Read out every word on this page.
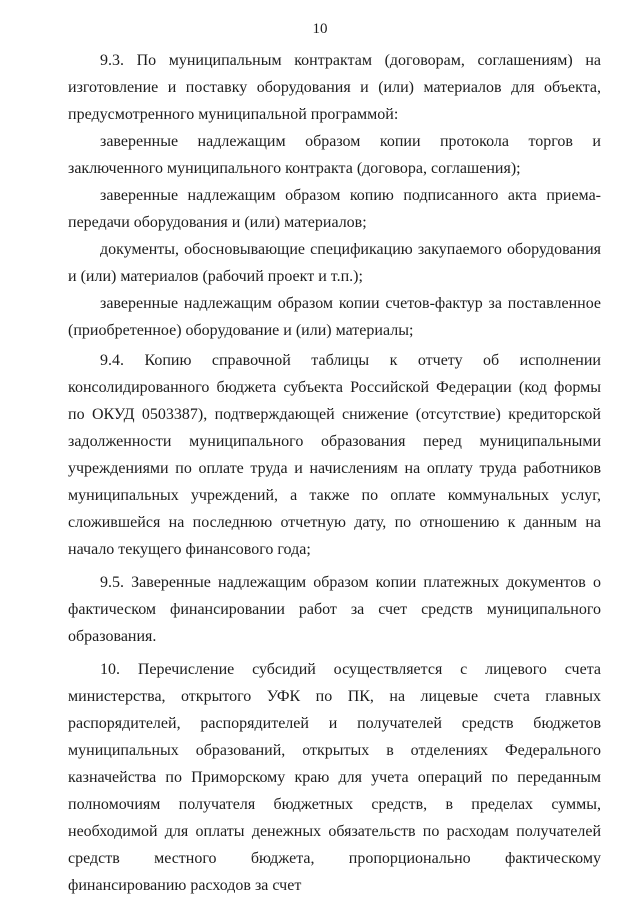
10

9.3. По муниципальным контрактам (договорам, соглашениям) на изготовление и поставку оборудования и (или) материалов для объекта, предусмотренного муниципальной программой:

заверенные надлежащим образом копии протокола торгов и заключенного муниципального контракта (договора, соглашения);

заверенные надлежащим образом копию подписанного акта приема-передачи оборудования и (или) материалов;

документы, обосновывающие спецификацию закупаемого оборудования и (или) материалов (рабочий проект и т.п.);

заверенные надлежащим образом копии счетов-фактур за поставленное (приобретенное) оборудование и (или) материалы;

9.4. Копию справочной таблицы к отчету об исполнении консолидированного бюджета субъекта Российской Федерации (код формы по ОКУД 0503387), подтверждающей снижение (отсутствие) кредиторской задолженности муниципального образования перед муниципальными учреждениями по оплате труда и начислениям на оплату труда работников муниципальных учреждений, а также по оплате коммунальных услуг, сложившейся на последнюю отчетную дату, по отношению к данным на начало текущего финансового года;

9.5. Заверенные надлежащим образом копии платежных документов о фактическом финансировании работ за счет средств муниципального образования.

10. Перечисление субсидий осуществляется с лицевого счета министерства, открытого УФК по ПК, на лицевые счета главных распорядителей, распорядителей и получателей средств бюджетов муниципальных образований, открытых в отделениях Федерального казначейства по Приморскому краю для учета операций по переданным полномочиям получателя бюджетных средств, в пределах суммы, необходимой для оплаты денежных обязательств по расходам получателей средств местного бюджета, пропорционально фактическому финансированию расходов за счет
